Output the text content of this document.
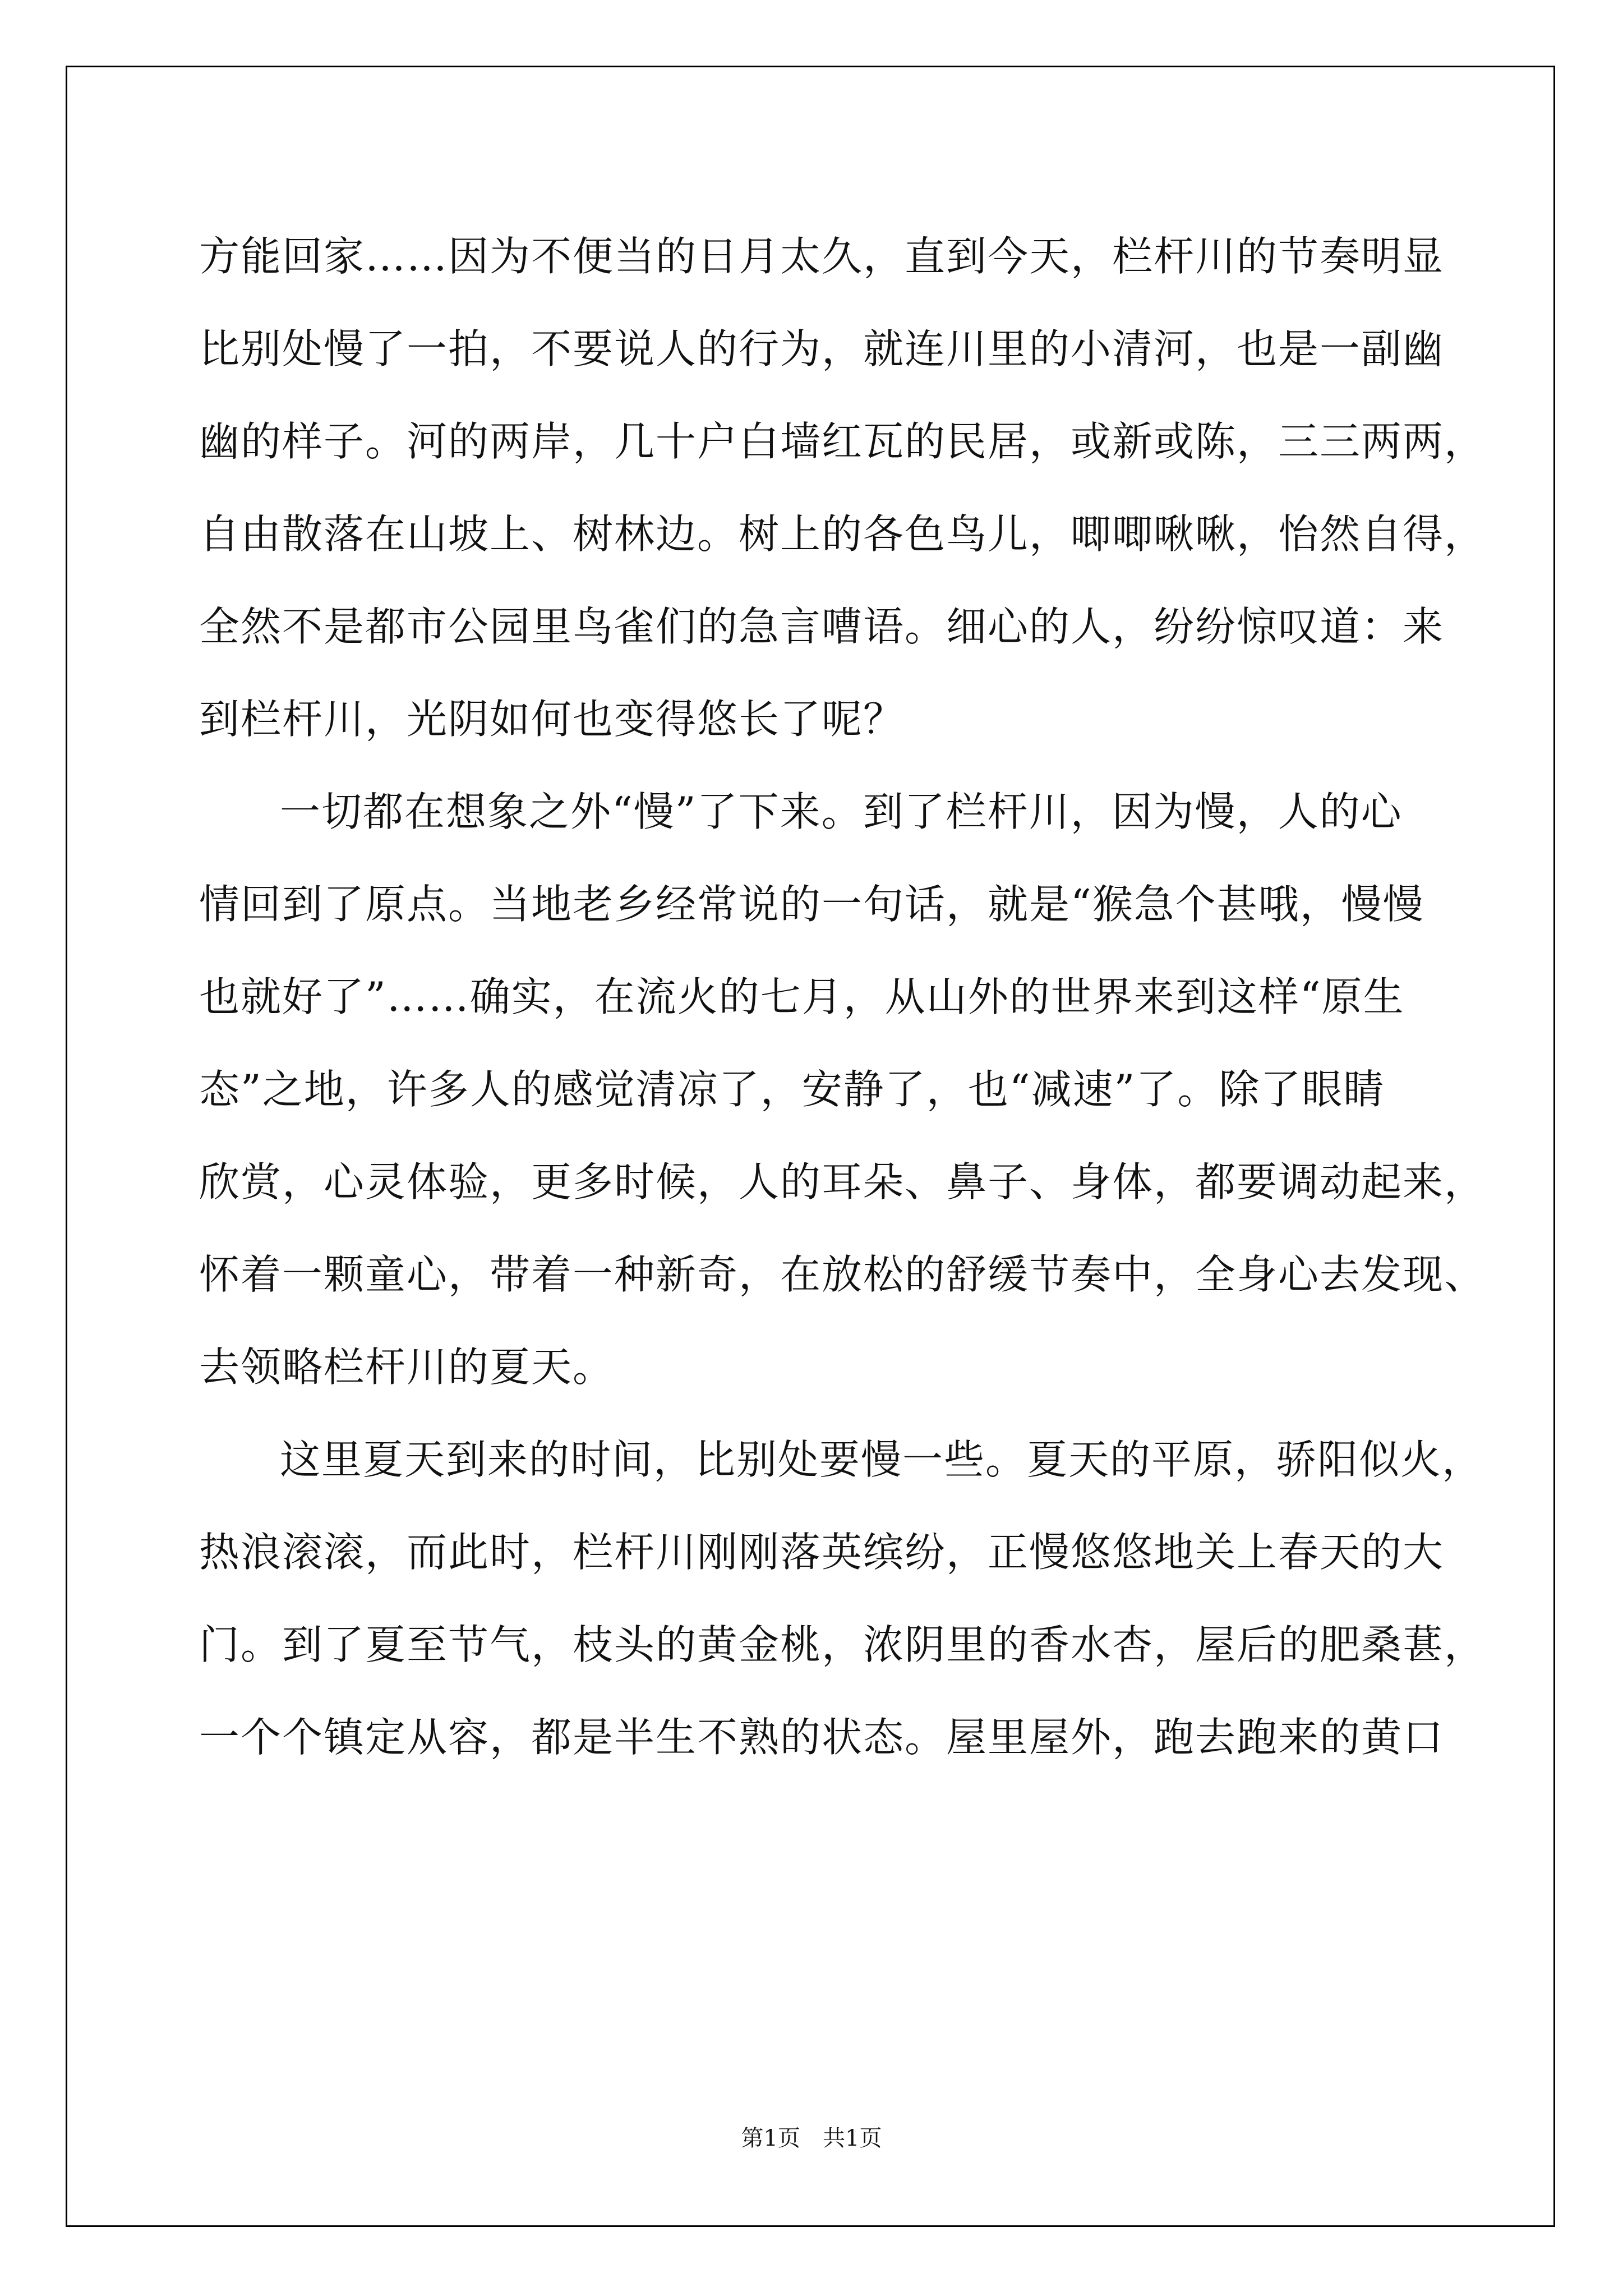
方能回家……因为不便当的日月太久，直到今天，栏杆川的节奏明显
比别处慢了一拍，不要说人的行为，就连川里的小清河，也是一副幽
幽的样子。河的两岸，几十户白墙红瓦的民居，或新或陈，三三两两，
自由散落在山坡上、树林边。树上的各色鸟儿，唧唧啾啾，怡然自得，
全然不是都市公园里鸟雀们的急言嘈语。细心的人，纷纷惊叹道：来
到栏杆川，光阴如何也变得悠长了呢？
一切都在想象之外“慢”了下来。到了栏杆川，因为慢，人的心
情回到了原点。当地老乡经常说的一句话，就是“猴急个甚哦，慢慢
也就好了”……确实，在流火的七月，从山外的世界来到这样“原生
态”之地，许多人的感觉清凉了，安静了，也“减速”了。除了眼睛
欣赏，心灵体验，更多时候，人的耳朵、鼻子、身体，都要调动起来，
怀着一颗童心，带着一种新奇，在放松的舒缓节奏中，全身心去发现、
去领略栏杆川的夏天。
这里夏天到来的时间，比别处要慢一些。夏天的平原，骄阳似火，
热浪滚滚，而此时，栏杆川刚刚落英缤纷，正慢悠悠地关上春天的大
门。到了夏至节气，枝头的黄金桃，浓阴里的香水杏，屋后的肥桑葚，
一个个镇定从容，都是半生不熟的状态。屋里屋外，跑去跑来的黄口
第1页 共1页
